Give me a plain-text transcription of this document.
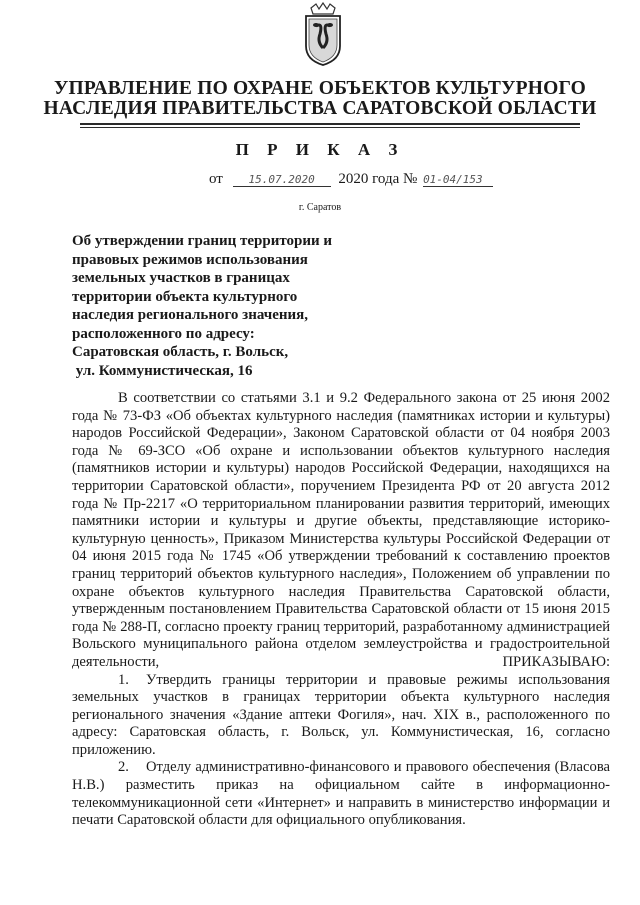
УПРАВЛЕНИЕ ПО ОХРАНЕ ОБЪЕКТОВ КУЛЬТУРНОГО
НАСЛЕДИЯ ПРАВИТЕЛЬСТВА САРАТОВСКОЙ ОБЛАСТИ
П Р И К А З
от 15.07.2020 2020 года № 01-04/153
г. Саратов
Об утверждении границ территории и
правовых режимов использования
земельных участков в границах
территории объекта культурного
наследия регионального значения,
расположенного по адресу:
Саратовская область, г. Вольск,
ул. Коммунистическая, 16

В соответствии со статьями 3.1 и 9.2 Федерального закона от 25 июня 2002 года № 73-ФЗ «Об объектах культурного наследия (памятниках истории и культуры) народов Российской Федерации», Законом Саратовской области от 04 ноября 2003 года № 69-ЗСО «Об охране и использовании объектов культурного наследия (памятников истории и культуры) народов Российской Федерации, находящихся на территории Саратовской области», поручением Президента РФ от 20 августа 2012 года № Пр-2217 «О территориальном планировании развития территорий, имеющих памятники истории и культуры и другие объекты, представляющие историко-культурную ценность», Приказом Министерства культуры Российской Федерации от 04 июня 2015 года № 1745 «Об утверждении требований к составлению проектов границ территорий объектов культурного наследия», Положением об управлении по охране объектов культурного наследия Правительства Саратовской области, утвержденным постановлением Правительства Саратовской области от 15 июня 2015 года № 288-П, согласно проекту границ территорий, разработанному администрацией Вольского муниципального района отделом землеустройства и градостроительной деятельности, ПРИКАЗЫВАЮ:

1. Утвердить границы территории и правовые режимы использования земельных участков в границах территории объекта культурного наследия регионального значения «Здание аптеки Фогиля», нач. XIX в., расположенного по адресу: Саратовская область, г. Вольск, ул. Коммунистическая, 16, согласно приложению.

2. Отделу административно-финансового и правового обеспечения (Власова Н.В.) разместить приказ на официальном сайте в информационно-телекоммуникационной сети «Интернет» и направить в министерство информации и печати Саратовской области для официального опубликования.
